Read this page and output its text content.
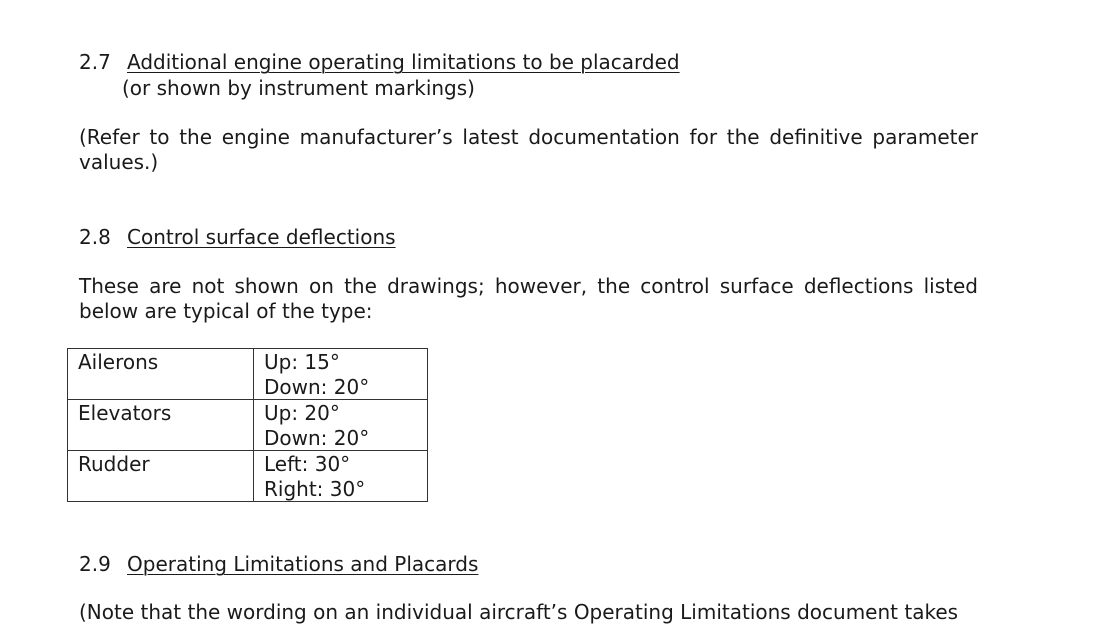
2.7 Additional engine operating limitations to be placarded
(or shown by instrument markings)
(Refer to the engine manufacturer’s latest documentation for the definitive parameter values.)
2.8 Control surface deflections
These are not shown on the drawings; however, the control surface deflections listed below are typical of the type:
Ailerons	Up: 15°
Down: 20°

Elevators	Up: 20°
Down: 20°

Rudder	Left: 30°
Right: 30°
2.9 Operating Limitations and Placards
(Note that the wording on an individual aircraft’s Operating Limitations document takes
